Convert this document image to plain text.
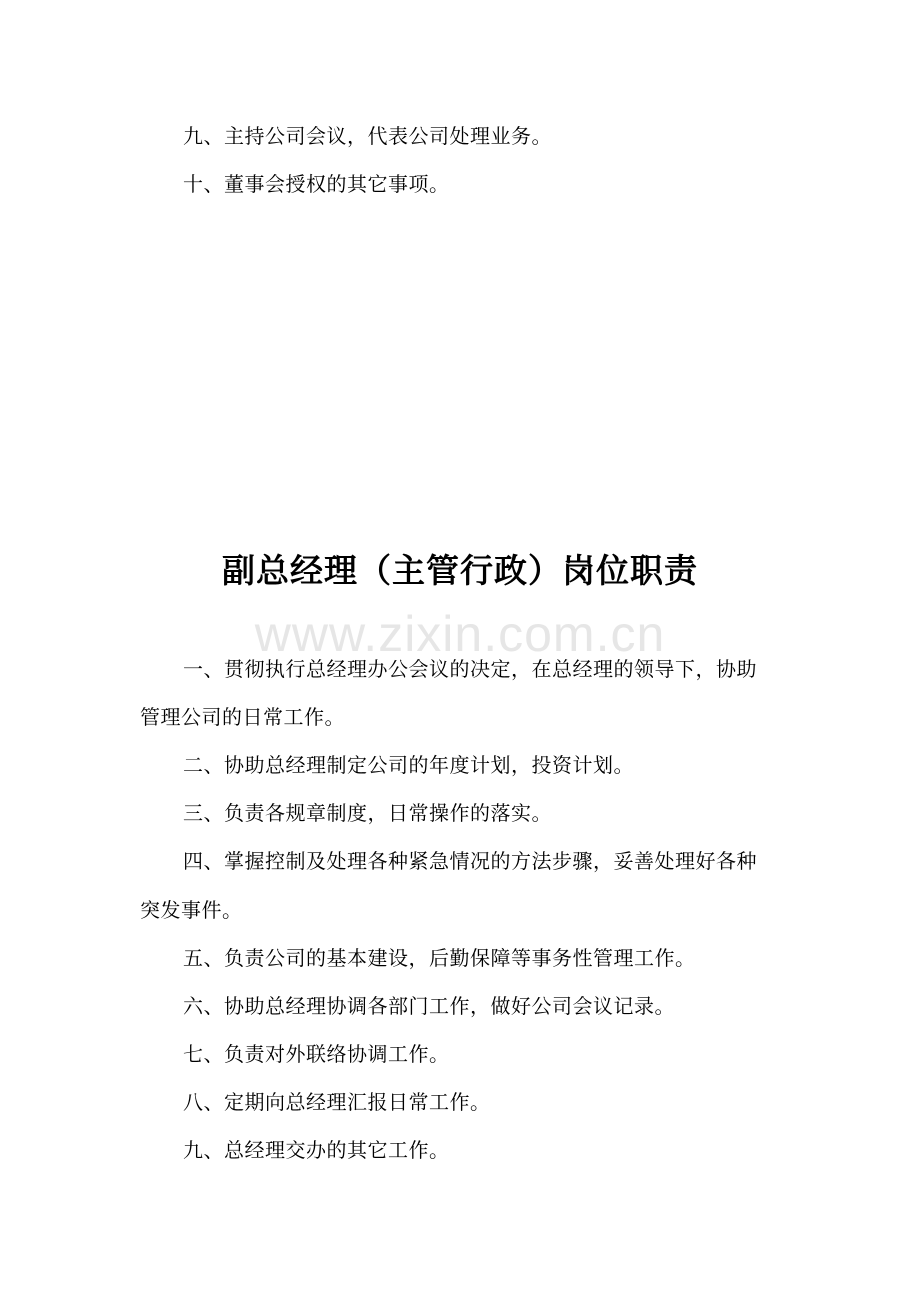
九、主持公司会议，代表公司处理业务。
十、董事会授权的其它事项。
副总经理（主管行政）岗位职责
www.zixin.com.cn
一、贯彻执行总经理办公会议的决定，在总经理的领导下，协助
管理公司的日常工作。
二、协助总经理制定公司的年度计划，投资计划。
三、负责各规章制度，日常操作的落实。
四、掌握控制及处理各种紧急情况的方法步骤，妥善处理好各种
突发事件。
五、负责公司的基本建设，后勤保障等事务性管理工作。
六、协助总经理协调各部门工作，做好公司会议记录。
七、负责对外联络协调工作。
八、定期向总经理汇报日常工作。
九、总经理交办的其它工作。
